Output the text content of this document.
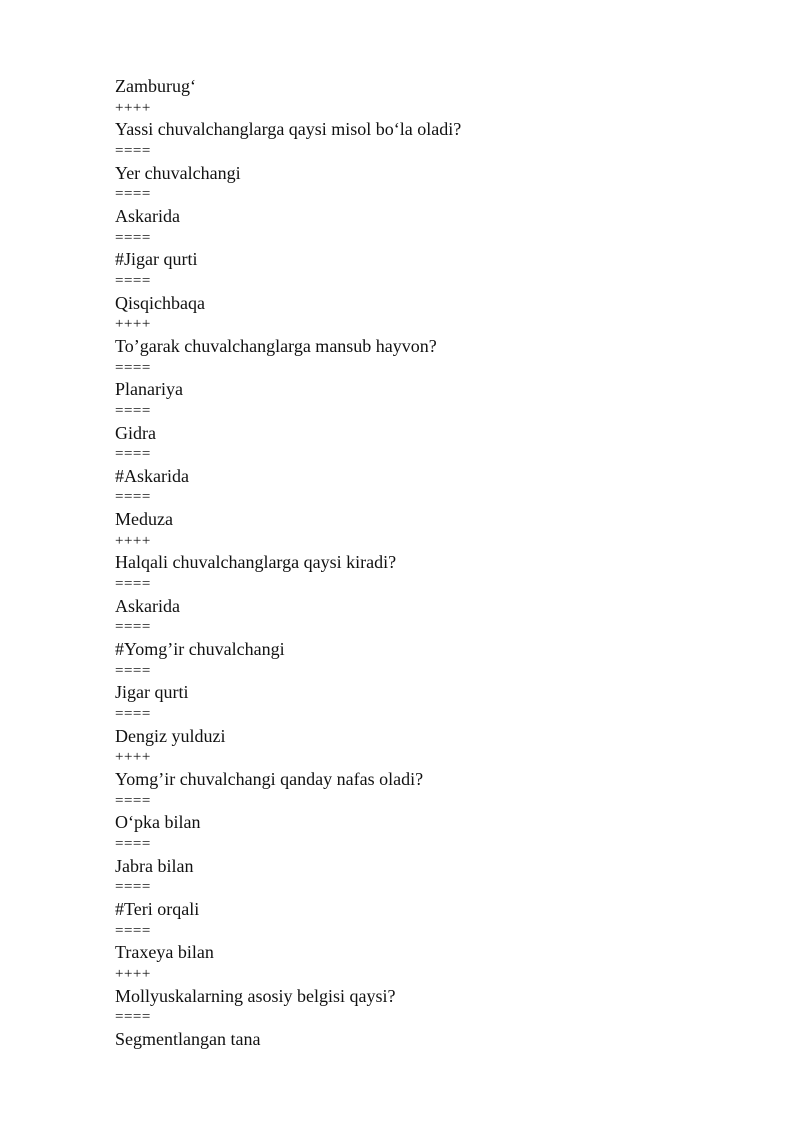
Zamburug‘
++++
Yassi chuvalchanglarga qaysi misol bo‘la oladi?
====
Yer chuvalchangi
====
Askarida
====
#Jigar qurti
====
Qisqichbaqa
++++
To’garak chuvalchanglarga mansub hayvon?
====
Planariya
====
Gidra
====
#Askarida
====
Meduza
++++
Halqali chuvalchanglarga qaysi kiradi?
====
Askarida
====
#Yomg’ir chuvalchangi
====
Jigar qurti
====
Dengiz yulduzi
++++
Yomg’ir chuvalchangi qanday nafas oladi?
====
O‘pka bilan
====
Jabra bilan
====
#Teri orqali
====
Traxeya bilan
++++
Mollyuskalarning asosiy belgisi qaysi?
====
Segmentlangan tana
